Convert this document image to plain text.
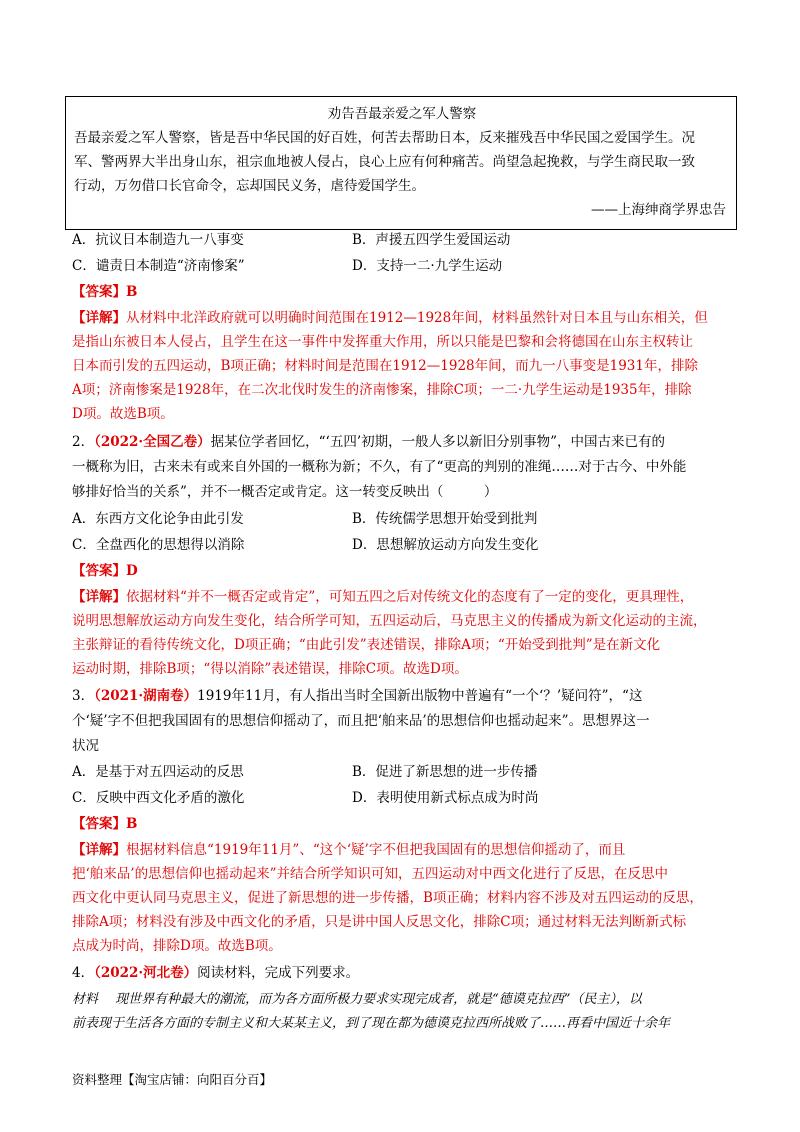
劝告吾最亲爱之军人警察
吾最亲爱之军人警察，皆是吾中华民国的好百姓，何苦去帮助日本，反来摧残吾中华民国之爱国学生。况
军、警两界大半出身山东，祖宗血地被人侵占，良心上应有何种痛苦。尚望急起挽救，与学生商民取一致
行动，万勿借口长官命令，忘却国民义务，虐待爱国学生。
——上海绅商学界忠告
A．抗议日本制造九一八事变	B．声援五四学生爱国运动
C．谴责日本制造“济南惨案”	D．支持一二·九学生运动
【答案】B
【详解】从材料中北洋政府就可以明确时间范围在1912—1928年间，材料虽然针对日本且与山东相关，但
是指山东被日本人侵占，且学生在这一事件中发挥重大作用，所以只能是巴黎和会将德国在山东主权转让
日本而引发的五四运动，B项正确；材料时间是范围在1912—1928年间，而九一八事变是1931年，排除
A项；济南惨案是1928年，在二次北伐时发生的济南惨案，排除C项；一二·九学生运动是1935年，排除
D项。故选B项。
2．（2022·全国乙卷）据某位学者回忆，“‘五四’初期，一般人多以新旧分别事物”，中国古来已有的
一概称为旧，古来未有或来自外国的一概称为新；不久，有了“更高的判别的准绳……对于古今、中外能
够排好恰当的关系”，并不一概否定或肯定。这一转变反映出（　　　）
A．东西方文化论争由此引发	B．传统儒学思想开始受到批判
C．全盘西化的思想得以消除	D．思想解放运动方向发生变化
【答案】D
【详解】依据材料“并不一概否定或肯定”，可知五四之后对传统文化的态度有了一定的变化，更具理性，
说明思想解放运动方向发生变化，结合所学可知，五四运动后，马克思主义的传播成为新文化运动的主流，
主张辩证的看待传统文化，D项正确；“由此引发”表述错误，排除A项；“开始受到批判”是在新文化
运动时期，排除B项；“得以消除”表述错误，排除C项。故选D项。
3．（2021·湖南卷）1919年11月，有人指出当时全国新出版物中普遍有“一个‘？’疑问符”，“这
个‘疑’字不但把我国固有的思想信仰摇动了，而且把‘舶来品’的思想信仰也摇动起来”。思想界这一
状况
A．是基于对五四运动的反思	B．促进了新思想的进一步传播
C．反映中西文化矛盾的激化	D．表明使用新式标点成为时尚
【答案】B
【详解】根据材料信息“1919年11月”、“这个‘疑’字不但把我国固有的思想信仰摇动了，而且
把‘舶来品’的思想信仰也摇动起来”并结合所学知识可知，五四运动对中西文化进行了反思，在反思中
西文化中更认同马克思主义，促进了新思想的进一步传播，B项正确；材料内容不涉及对五四运动的反思，
排除A项；材料没有涉及中西文化的矛盾，只是讲中国人反思文化，排除C项；通过材料无法判断新式标
点成为时尚，排除D项。故选B项。
4．（2022·河北卷）阅读材料，完成下列要求。
材料　 现世界有种最大的潮流，而为各方面所极力要求实现完成者，就是“德谟克拉西”（民主），以
前表现于生活各方面的专制主义和大某某主义，到了现在都为德谟克拉西所战败了……再看中国近十余年
资料整理【淘宝店铺：向阳百分百】
